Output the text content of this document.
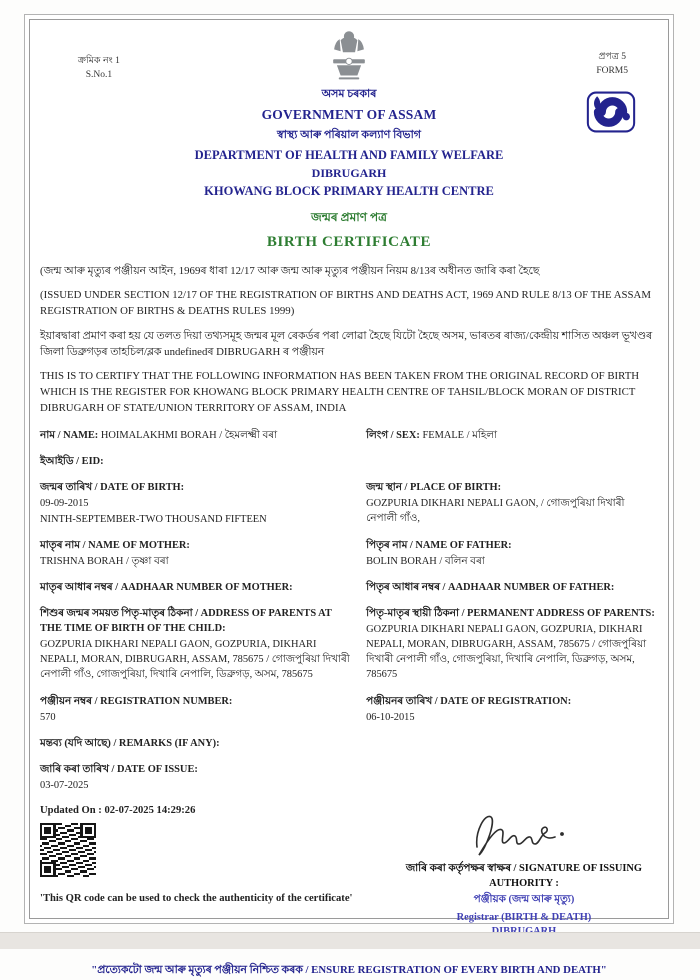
ক্ৰমিক নং 1
S.No.1
প্ৰপত্ৰ 5
FORM5
অসম চৰকাৰ
GOVERNMENT OF ASSAM
স্বাস্থ্য আৰু পৰিয়াল কল্যাণ বিভাগ
DEPARTMENT OF HEALTH AND FAMILY WELFARE
DIBRUGARH
KHOWANG BLOCK PRIMARY HEALTH CENTRE
জন্মৰ প্ৰমাণ পত্ৰ
BIRTH CERTIFICATE

(জন্ম আৰু মৃত্যুৰ পঞ্জীয়ন আইন, 1969ৰ ধাৰা 12/17 আৰু জন্ম আৰু মৃত্যুৰ পঞ্জীয়ন নিয়ম 8/13ৰ অধীনত জাৰি কৰা হৈছে

(ISSUED UNDER SECTION 12/17 OF THE REGISTRATION OF BIRTHS AND DEATHS ACT, 1969 AND RULE 8/13 OF THE ASSAM REGISTRATION OF BIRTHS & DEATHS RULES 1999)

ইয়াৰদ্বাৰা প্ৰমাণ কৰা হয় যে তলত দিয়া তথ্যসমূহ জন্মৰ মূল ৰেকৰ্ডৰ পৰা লোৱা হৈছে যিটো হৈছে অসম, ভাৰতৰ ৰাজ্য/কেন্দ্ৰীয় শাসিত অঞ্চল ভূখণ্ডৰ জিলা ডিব্ৰুগড়ৰ তাহচিল/ব্লক undefinedৰ DIBRUGARH ৰ পঞ্জীয়ন

THIS IS TO CERTIFY THAT THE FOLLOWING INFORMATION HAS BEEN TAKEN FROM THE ORIGINAL RECORD OF BIRTH WHICH IS THE REGISTER FOR KHOWANG BLOCK PRIMARY HEALTH CENTRE OF TAHSIL/BLOCK MORAN OF DISTRICT DIBRUGARH OF STATE/UNION TERRITORY OF ASSAM, INDIA

নাম / NAME: HOIMALAKHMI BORAH / হৈমলক্ষ্মী বৰা	লিংগ / SEX: FEMALE / মহিলা
ইআইডি / EID:
জন্মৰ তাৰিখ / DATE OF BIRTH:
09-09-2015
NINTH-SEPTEMBER-TWO THOUSAND FIFTEEN
জন্ম স্থান / PLACE OF BIRTH:
GOZPURIA DIKHARI NEPALI GAON, / গোজপুৰিয়া দিখাৰী নেপালী গাঁও,
মাতৃৰ নাম / NAME OF MOTHER:
TRISHNA BORAH / তৃষ্ণা বৰা
পিতৃৰ নাম / NAME OF FATHER:
BOLIN BORAH / বলিন বৰা
মাতৃৰ আধাৰ নম্বৰ / AADHAAR NUMBER OF MOTHER:	পিতৃৰ আধাৰ নম্বৰ / AADHAAR NUMBER OF FATHER:
শিশুৰ জন্মৰ সময়ত পিতৃ-মাতৃৰ ঠিকনা / ADDRESS OF PARENTS AT THE TIME OF BIRTH OF THE CHILD:
GOZPURIA DIKHARI NEPALI GAON, GOZPURIA, DIKHARI NEPALI, MORAN, DIBRUGARH, ASSAM, 785675 / গোজপুৰিয়া দিখাৰী নেপালী গাঁও, গোজপুৰিয়া, দিখাৰি নেপালি, ডিব্ৰুগড়, অসম, 785675
পিতৃ-মাতৃৰ স্থায়ী ঠিকনা / PERMANENT ADDRESS OF PARENTS:
GOZPURIA DIKHARI NEPALI GAON, GOZPURIA, DIKHARI NEPALI, MORAN, DIBRUGARH, ASSAM, 785675 / গোজপুৰিয়া দিখাৰী নেপালী গাঁও, গোজপুৰিয়া, দিখাৰি নেপালি, ডিব্ৰুগড়, অসম, 785675
পঞ্জীয়ন নম্বৰ / REGISTRATION NUMBER:
570
পঞ্জীয়নৰ তাৰিখ / DATE OF REGISTRATION:
06-10-2015
মন্তব্য (যদি আছে) / REMARKS (IF ANY):
জাৰি কৰা তাৰিখ / DATE OF ISSUE:
03-07-2025
Updated On : 02-07-2025 14:29:26
'This QR code can be used to check the authenticity of the certificate'
জাৰি কৰা কৰ্তৃপক্ষৰ স্বাক্ষৰ / SIGNATURE OF ISSUING AUTHORITY :
পঞ্জীয়ক (জন্ম আৰু মৃত্যু)
Registrar (BIRTH & DEATH)
"প্ৰত্যেকটো জন্ম আৰু মৃত্যুৰ পঞ্জীয়ন নিশ্চিত কৰক / ENSURE REGISTRATION OF EVERY BIRTH AND DEATH"
